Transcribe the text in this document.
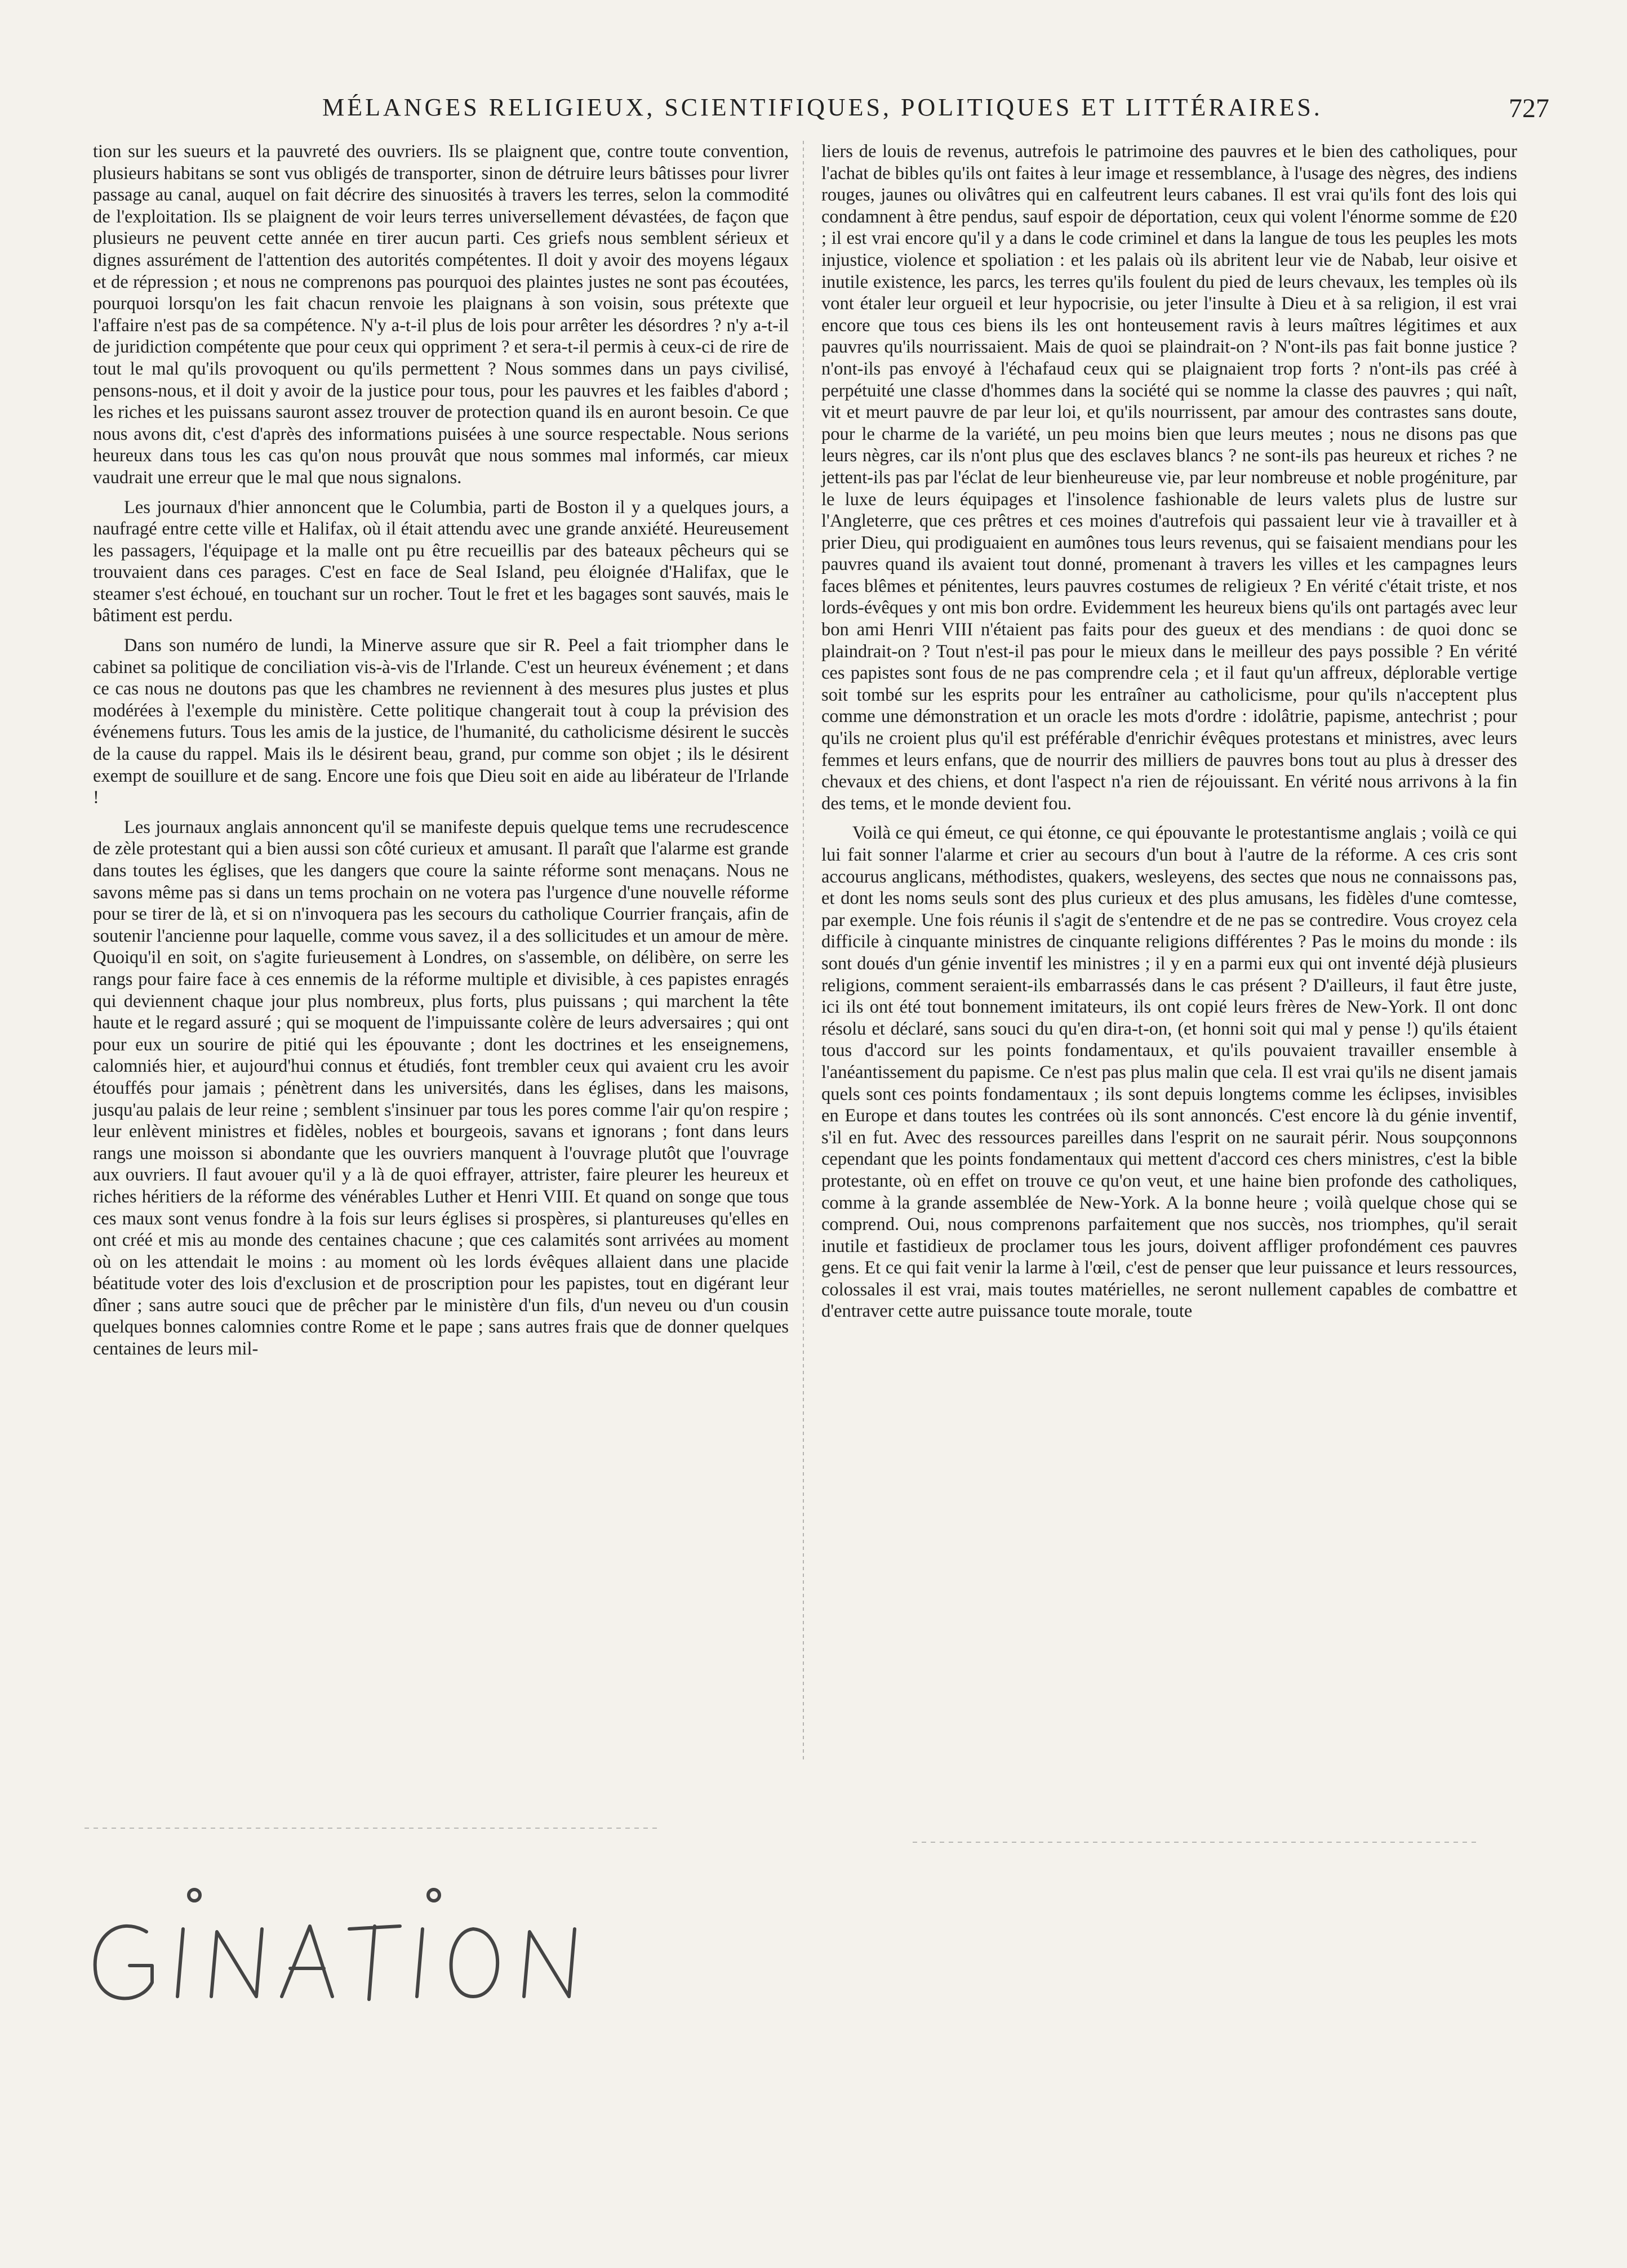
MÉLANGES RELIGIEUX, SCIENTIFIQUES, POLITIQUES ET LITTÉRAIRES.	727

tion sur les sueurs et la pauvreté des ouvriers. Ils se plaignent que, contre toute convention, plusieurs habitans se sont vus obligés de transporter, sinon de détruire leurs bâtisses pour livrer passage au canal, auquel on fait décrire des sinuosités à travers les terres, selon la commodité de l'exploitation. Ils se plaignent de voir leurs terres universellement dévastées, de façon que plusieurs ne peuvent cette année en tirer aucun parti. Ces griefs nous semblent sérieux et dignes assurément de l'attention des autorités compétentes. Il doit y avoir des moyens légaux et de répression ; et nous ne comprenons pas pourquoi des plaintes justes ne sont pas écoutées, pourquoi lorsqu'on les fait chacun renvoie les plaignans à son voisin, sous prétexte que l'affaire n'est pas de sa compétence. N'y a-t-il plus de lois pour arrêter les désordres ? n'y a-t-il de juridiction compétente que pour ceux qui oppriment ? et sera-t-il permis à ceux-ci de rire de tout le mal qu'ils provoquent ou qu'ils permettent ? Nous sommes dans un pays civilisé, pensons-nous, et il doit y avoir de la justice pour tous, pour les pauvres et les faibles d'abord ; les riches et les puissans sauront assez trouver de protection quand ils en auront besoin. Ce que nous avons dit, c'est d'après des informations puisées à une source respectable. Nous serions heureux dans tous les cas qu'on nous prouvât que nous sommes mal informés, car mieux vaudrait une erreur que le mal que nous signalons.

Les journaux d'hier annoncent que le Columbia, parti de Boston il y a quelques jours, a naufragé entre cette ville et Halifax, où il était attendu avec une grande anxiété. Heureusement les passagers, l'équipage et la malle ont pu être recueillis par des bateaux pêcheurs qui se trouvaient dans ces parages. C'est en face de Seal Island, peu éloignée d'Halifax, que le steamer s'est échoué, en touchant sur un rocher. Tout le fret et les bagages sont sauvés, mais le bâtiment est perdu.

Dans son numéro de lundi, la Minerve assure que sir R. Peel a fait triompher dans le cabinet sa politique de conciliation vis-à-vis de l'Irlande. C'est un heureux événement ; et dans ce cas nous ne doutons pas que les chambres ne reviennent à des mesures plus justes et plus modérées à l'exemple du ministère. Cette politique changerait tout à coup la prévision des événemens futurs. Tous les amis de la justice, de l'humanité, du catholicisme désirent le succès de la cause du rappel. Mais ils le désirent beau, grand, pur comme son objet ; ils le désirent exempt de souillure et de sang. Encore une fois que Dieu soit en aide au libérateur de l'Irlande !

Les journaux anglais annoncent qu'il se manifeste depuis quelque tems une recrudescence de zèle protestant qui a bien aussi son côté curieux et amusant. Il paraît que l'alarme est grande dans toutes les églises, que les dangers que coure la sainte réforme sont menaçans. Nous ne savons même pas si dans un tems prochain on ne votera pas l'urgence d'une nouvelle réforme pour se tirer de là, et si on n'invoquera pas les secours du catholique Courrier français, afin de soutenir l'ancienne pour laquelle, comme vous savez, il a des sollicitudes et un amour de mère. Quoiqu'il en soit, on s'agite furieusement à Londres, on s'assemble, on délibère, on serre les rangs pour faire face à ces ennemis de la réforme multiple et divisible, à ces papistes enragés qui deviennent chaque jour plus nombreux, plus forts, plus puissans ; qui marchent la tête haute et le regard assuré ; qui se moquent de l'impuissante colère de leurs adversaires ; qui ont pour eux un sourire de pitié qui les épouvante ; dont les doctrines et les enseignemens, calomniés hier, et aujourd'hui connus et étudiés, font trembler ceux qui avaient cru les avoir étouffés pour jamais ; pénètrent dans les universités, dans les églises, dans les maisons, jusqu'au palais de leur reine ; semblent s'insinuer par tous les pores comme l'air qu'on respire ; leur enlèvent ministres et fidèles, nobles et bourgeois, savans et ignorans ; font dans leurs rangs une moisson si abondante que les ouvriers manquent à l'ouvrage plutôt que l'ouvrage aux ouvriers. Il faut avouer qu'il y a là de quoi effrayer, attrister, faire pleurer les heureux et riches héritiers de la réforme des vénérables Luther et Henri VIII. Et quand on songe que tous ces maux sont venus fondre à la fois sur leurs églises si prospères, si plantureuses qu'elles en ont créé et mis au monde des centaines chacune ; que ces calamités sont arrivées au moment où on les attendait le moins : au moment où les lords évêques allaient dans une placide béatitude voter des lois d'exclusion et de proscription pour les papistes, tout en digérant leur dîner ; sans autre souci que de prêcher par le ministère d'un fils, d'un neveu ou d'un cousin quelques bonnes calomnies contre Rome et le pape ; sans autres frais que de donner quelques centaines de leurs mil-

liers de louis de revenus, autrefois le patrimoine des pauvres et le bien des catholiques, pour l'achat de bibles qu'ils ont faites à leur image et ressemblance, à l'usage des nègres, des indiens rouges, jaunes ou olivâtres qui en calfeutrent leurs cabanes. Il est vrai qu'ils font des lois qui condamnent à être pendus, sauf espoir de déportation, ceux qui volent l'énorme somme de £20 ; il est vrai encore qu'il y a dans le code criminel et dans la langue de tous les peuples les mots injustice, violence et spoliation : et les palais où ils abritent leur vie de Nabab, leur oisive et inutile existence, les parcs, les terres qu'ils foulent du pied de leurs chevaux, les temples où ils vont étaler leur orgueil et leur hypocrisie, ou jeter l'insulte à Dieu et à sa religion, il est vrai encore que tous ces biens ils les ont honteusement ravis à leurs maîtres légitimes et aux pauvres qu'ils nourrissaient. Mais de quoi se plaindrait-on ? N'ont-ils pas fait bonne justice ? n'ont-ils pas envoyé à l'échafaud ceux qui se plaignaient trop forts ? n'ont-ils pas créé à perpétuité une classe d'hommes dans la société qui se nomme la classe des pauvres ; qui naît, vit et meurt pauvre de par leur loi, et qu'ils nourrissent, par amour des contrastes sans doute, pour le charme de la variété, un peu moins bien que leurs meutes ; nous ne disons pas que leurs nègres, car ils n'ont plus que des esclaves blancs ? ne sont-ils pas heureux et riches ? ne jettent-ils pas par l'éclat de leur bienheureuse vie, par leur nombreuse et noble progéniture, par le luxe de leurs équipages et l'insolence fashionable de leurs valets plus de lustre sur l'Angleterre, que ces prêtres et ces moines d'autrefois qui passaient leur vie à travailler et à prier Dieu, qui prodiguaient en aumônes tous leurs revenus, qui se faisaient mendians pour les pauvres quand ils avaient tout donné, promenant à travers les villes et les campagnes leurs faces blêmes et pénitentes, leurs pauvres costumes de religieux ? En vérité c'était triste, et nos lords-évêques y ont mis bon ordre. Evidemment les heureux biens qu'ils ont partagés avec leur bon ami Henri VIII n'étaient pas faits pour des gueux et des mendians : de quoi donc se plaindrait-on ? Tout n'est-il pas pour le mieux dans le meilleur des pays possible ? En vérité ces papistes sont fous de ne pas comprendre cela ; et il faut qu'un affreux, déplorable vertige soit tombé sur les esprits pour les entraîner au catholicisme, pour qu'ils n'acceptent plus comme une démonstration et un oracle les mots d'ordre : idolâtrie, papisme, antechrist ; pour qu'ils ne croient plus qu'il est préférable d'enrichir évêques protestans et ministres, avec leurs femmes et leurs enfans, que de nourrir des milliers de pauvres bons tout au plus à dresser des chevaux et des chiens, et dont l'aspect n'a rien de réjouissant. En vérité nous arrivons à la fin des tems, et le monde devient fou.

Voilà ce qui émeut, ce qui étonne, ce qui épouvante le protestantisme anglais ; voilà ce qui lui fait sonner l'alarme et crier au secours d'un bout à l'autre de la réforme. A ces cris sont accourus anglicans, méthodistes, quakers, wesleyens, des sectes que nous ne connaissons pas, et dont les noms seuls sont des plus curieux et des plus amusans, les fidèles d'une comtesse, par exemple. Une fois réunis il s'agit de s'entendre et de ne pas se contredire. Vous croyez cela difficile à cinquante ministres de cinquante religions différentes ? Pas le moins du monde : ils sont doués d'un génie inventif les ministres ; il y en a parmi eux qui ont inventé déjà plusieurs religions, comment seraient-ils embarrassés dans le cas présent ? D'ailleurs, il faut être juste, ici ils ont été tout bonnement imitateurs, ils ont copié leurs frères de New-York. Il ont donc résolu et déclaré, sans souci du qu'en dira-t-on, (et honni soit qui mal y pense !) qu'ils étaient tous d'accord sur les points fondamentaux, et qu'ils pouvaient travailler ensemble à l'anéantissement du papisme. Ce n'est pas plus malin que cela. Il est vrai qu'ils ne disent jamais quels sont ces points fondamentaux ; ils sont depuis longtems comme les éclipses, invisibles en Europe et dans toutes les contrées où ils sont annoncés. C'est encore là du génie inventif, s'il en fut. Avec des ressources pareilles dans l'esprit on ne saurait périr. Nous soupçonnons cependant que les points fondamentaux qui mettent d'accord ces chers ministres, c'est la bible protestante, où en effet on trouve ce qu'on veut, et une haine bien profonde des catholiques, comme à la grande assemblée de New-York. A la bonne heure ; voilà quelque chose qui se comprend. Oui, nous comprenons parfaitement que nos succès, nos triomphes, qu'il serait inutile et fastidieux de proclamer tous les jours, doivent affliger profondément ces pauvres gens. Et ce qui fait venir la larme à l'œil, c'est de penser que leur puissance et leurs ressources, colossales il est vrai, mais toutes matérielles, ne seront nullement capables de combattre et d'entraver cette autre puissance toute morale, toute
